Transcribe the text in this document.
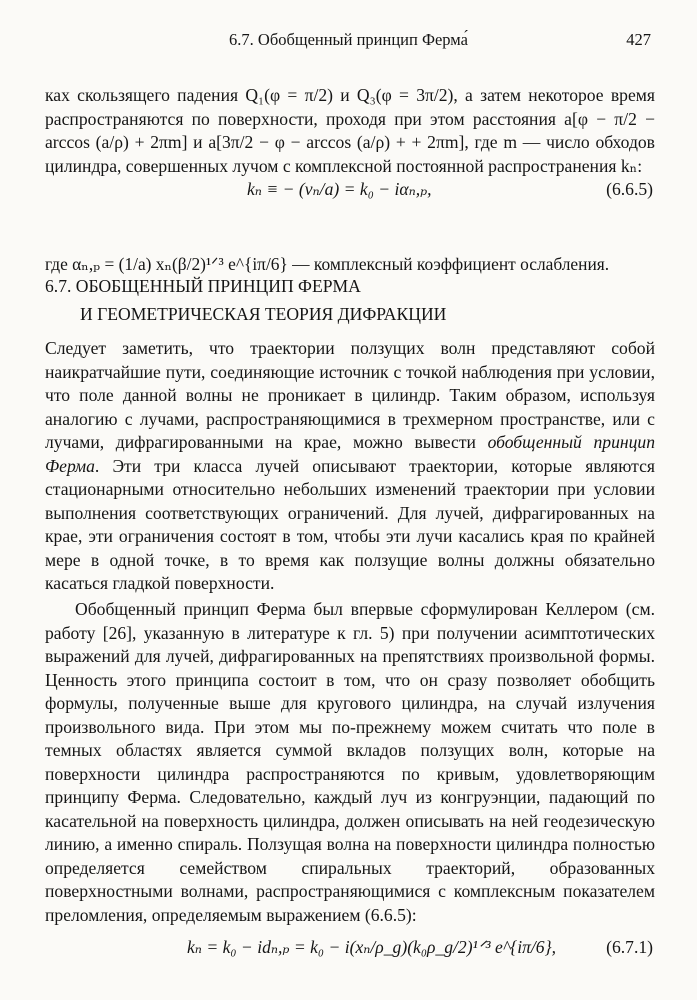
6.7. Обобщенный принцип Ферма́	427
ках скользящего падения Q₁(φ = π/2) и Q₃(φ = 3π/2), а затем некоторое время распространяются по поверхности, проходя при этом расстояния a[φ − π/2 − arccos (a/ρ) + 2πm] и a[3π/2 − φ − arccos (a/ρ) + + 2πm], где m — число обходов цилиндра, совершенных лучом с комплексной постоянной распространения kₙ:
kₙ ≡ − (νₙ/a) = k₀ − iαₙ,ₚ,	(6.6.5)
где αₙ,ₚ = (1/a) xₙ(β/2)¹ᐟ³ e^{iπ/6} — комплексный коэффициент ослабления.
6.7. ОБОБЩЕННЫЙ ПРИНЦИП ФЕРМА
И ГЕОМЕТРИЧЕСКАЯ ТЕОРИЯ ДИФРАКЦИИ
Следует заметить, что траектории ползущих волн представляют собой наикратчайшие пути, соединяющие источник с точкой наблюдения при условии, что поле данной волны не проникает в цилиндр. Таким образом, используя аналогию с лучами, распространяющимися в трехмерном пространстве, или с лучами, дифрагированными на крае, можно вывести обобщенный принцип Ферма. Эти три класса лучей описывают траектории, которые являются стационарными относительно небольших изменений траектории при условии выполнения соответствующих ограничений. Для лучей, дифрагированных на крае, эти ограничения состоят в том, чтобы эти лучи касались края по крайней мере в одной точке, в то время как ползущие волны должны обязательно касаться гладкой поверхности.
Обобщенный принцип Ферма был впервые сформулирован Келлером (см. работу [26], указанную в литературе к гл. 5) при получении асимптотических выражений для лучей, дифрагированных на препятствиях произвольной формы. Ценность этого принципа состоит в том, что он сразу позволяет обобщить формулы, полученные выше для кругового цилиндра, на случай излучения произвольного вида. При этом мы по-прежнему можем считать что поле в темных областях является суммой вкладов ползущих волн, которые на поверхности цилиндра распространяются по кривым, удовлетворяющим принципу Ферма. Следовательно, каждый луч из конгруэнции, падающий по касательной на поверхность цилиндра, должен описывать на ней геодезическую линию, а именно спираль. Ползущая волна на поверхности цилиндра полностью определяется семейством спиральных траекторий, образованных поверхностными волнами, распространяющимися с комплексным показателем преломления, определяемым выражением (6.6.5):
kₙ = k₀ − idₙ,ₚ = k₀ − i(xₙ/ρ_g)(k₀ρ_g/2)¹ᐟ³ e^{iπ/6},	(6.7.1)
